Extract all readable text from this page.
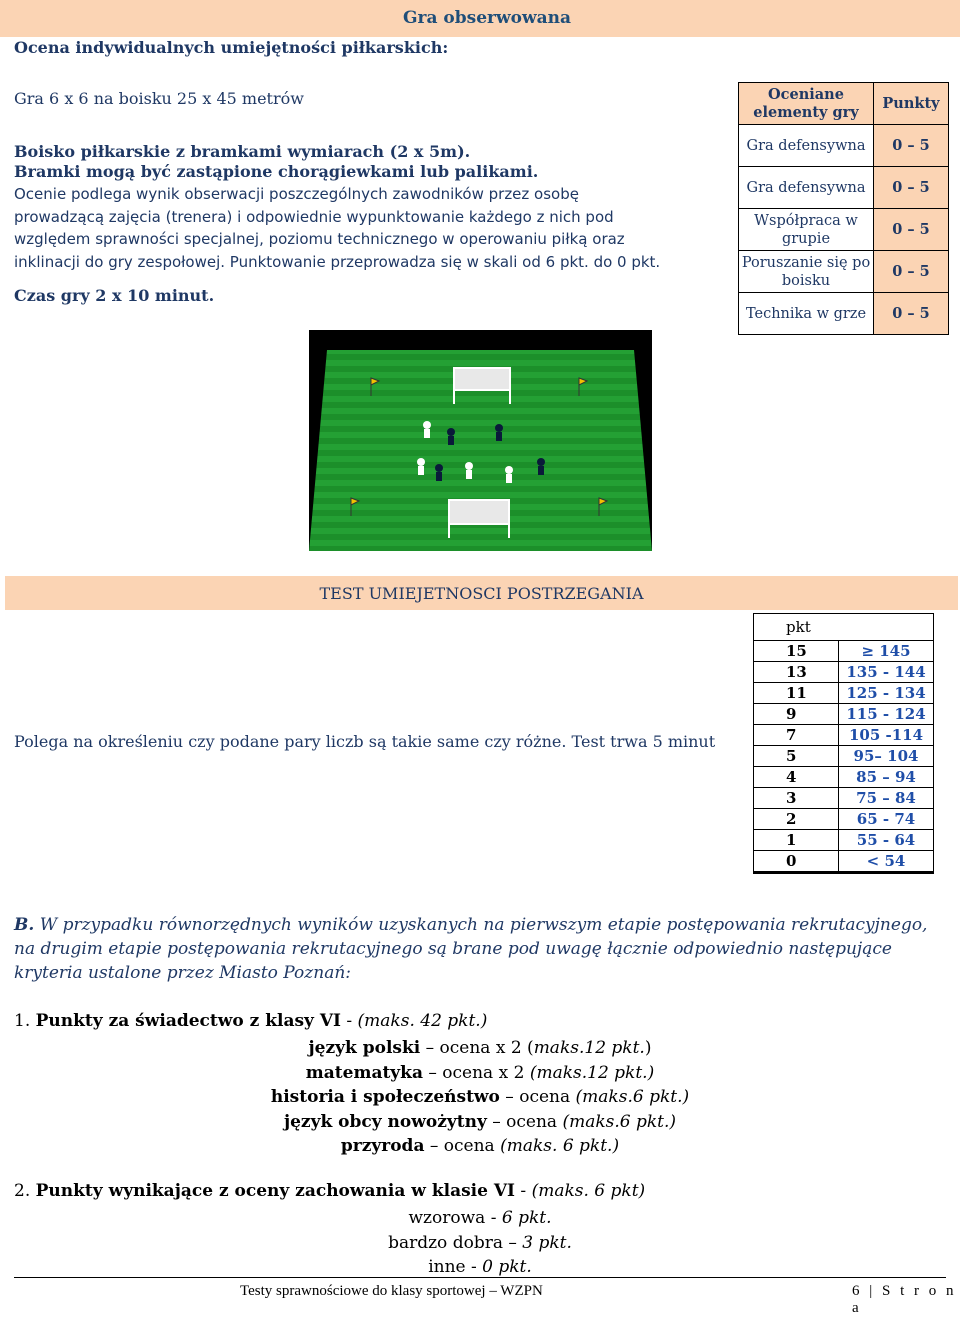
Gra obserwowana
Ocena indywidualnych umiejętności piłkarskich:
Gra 6 x 6 na boisku 25 x 45 metrów
Boisko piłkarskie z bramkami wymiarach (2 x 5m).
Bramki mogą być zastąpione chorągiewkami lub palikami.
Ocenie podlega wynik obserwacji poszczególnych zawodników przez osobę
prowadzącą zajęcia (trenera) i odpowiednie wypunktowanie każdego z nich pod
względem sprawności specjalnej, poziomu technicznego w operowaniu piłką oraz
inklinacji do gry zespołowej. Punktowanie przeprowadza się w skali od 6 pkt. do 0 pkt.
Czas gry 2 x 10 minut.
Oceniane elementy gry	Punkty
Gra defensywna	0 – 5
Gra defensywna	0 – 5
Współpraca w grupie	0 – 5
Poruszanie się po boisku	0 – 5
Technika w grze	0 – 5
TEST UMIEJETNOSCI POSTRZEGANIA
Polega na określeniu czy podane pary liczb są takie same czy różne. Test trwa 5 minut
pkt	
15	≥ 145
13	135 - 144
11	125 - 134
9	115 - 124
7	105 -114
5	95– 104
4	85 – 94
3	75 – 84
2	65 - 74
1	55 - 64
0	< 54
B. W przypadku równorzędnych wyników uzyskanych na pierwszym etapie postępowania rekrutacyjnego,
na drugim etapie postępowania rekrutacyjnego są brane pod uwagę łącznie odpowiednio następujące
kryteria ustalone przez Miasto Poznań:
1. Punkty za świadectwo z klasy VI - (maks. 42 pkt.)
język polski – ocena x 2 (maks.12 pkt.)
matematyka – ocena x 2 (maks.12 pkt.)
historia i społeczeństwo – ocena (maks.6 pkt.)
język obcy nowożytny – ocena (maks.6 pkt.)
przyroda – ocena (maks. 6 pkt.)
2. Punkty wynikające z oceny zachowania w klasie VI - (maks. 6 pkt)
wzorowa - 6 pkt.
bardzo dobra – 3 pkt.
inne - 0 pkt.
Testy sprawnościowe do klasy sportowej – WZPN	6 | S t r o n a
